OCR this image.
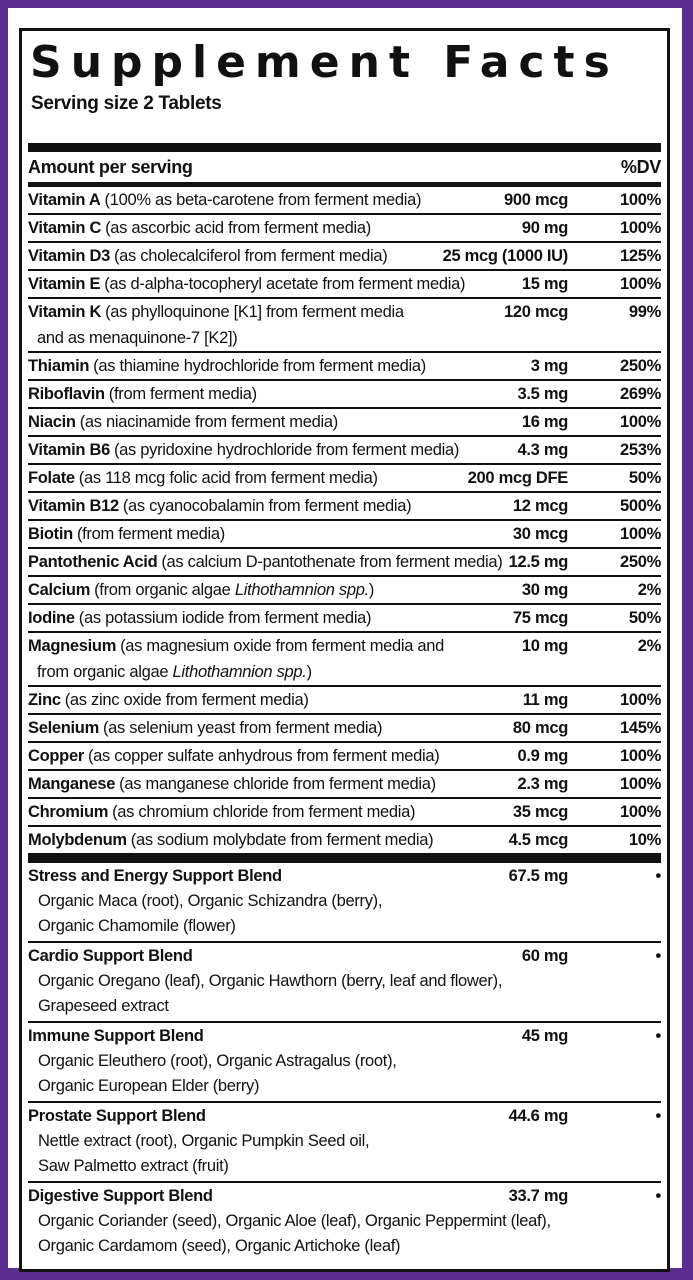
Supplement Facts
Serving size 2 Tablets
Amount per serving	%DV
Vitamin A (100% as beta-carotene from ferment media)	900 mcg	100%
Vitamin C (as ascorbic acid from ferment media)	90 mg	100%
Vitamin D3 (as cholecalciferol from ferment media)	25 mcg (1000 IU)	125%
Vitamin E (as d-alpha-tocopheryl acetate from ferment media)	15 mg	100%
Vitamin K (as phylloquinone [K1] from ferment media	120 mcg	99%
and as menaquinone-7 [K2])
Thiamin (as thiamine hydrochloride from ferment media)	3 mg	250%
Riboflavin (from ferment media)	3.5 mg	269%
Niacin (as niacinamide from ferment media)	16 mg	100%
Vitamin B6 (as pyridoxine hydrochloride from ferment media)	4.3 mg	253%
Folate (as 118 mcg folic acid from ferment media)	200 mcg DFE	50%
Vitamin B12 (as cyanocobalamin from ferment media)	12 mcg	500%
Biotin (from ferment media)	30 mcg	100%
Pantothenic Acid (as calcium D-pantothenate from ferment media) 12.5 mg	250%
Calcium (from organic algae Lithothamnion spp.)	30 mg	2%
Iodine (as potassium iodide from ferment media)	75 mcg	50%
Magnesium (as magnesium oxide from ferment media and	10 mg	2%
from organic algae Lithothamnion spp.)
Zinc (as zinc oxide from ferment media)	11 mg	100%
Selenium (as selenium yeast from ferment media)	80 mcg	145%
Copper (as copper sulfate anhydrous from ferment media)	0.9 mg	100%
Manganese (as manganese chloride from ferment media)	2.3 mg	100%
Chromium (as chromium chloride from ferment media)	35 mcg	100%
Molybdenum (as sodium molybdate from ferment media)	4.5 mcg	10%
Stress and Energy Support Blend	67.5 mg	•
Organic Maca (root), Organic Schizandra (berry),
Organic Chamomile (flower)
Cardio Support Blend	60 mg	•
Organic Oregano (leaf), Organic Hawthorn (berry, leaf and flower),
Grapeseed extract
Immune Support Blend	45 mg	•
Organic Eleuthero (root), Organic Astragalus (root),
Organic European Elder (berry)
Prostate Support Blend	44.6 mg	•
Nettle extract (root), Organic Pumpkin Seed oil,
Saw Palmetto extract (fruit)
Digestive Support Blend	33.7 mg	•
Organic Coriander (seed), Organic Aloe (leaf), Organic Peppermint (leaf),
Organic Cardamom (seed), Organic Artichoke (leaf)
